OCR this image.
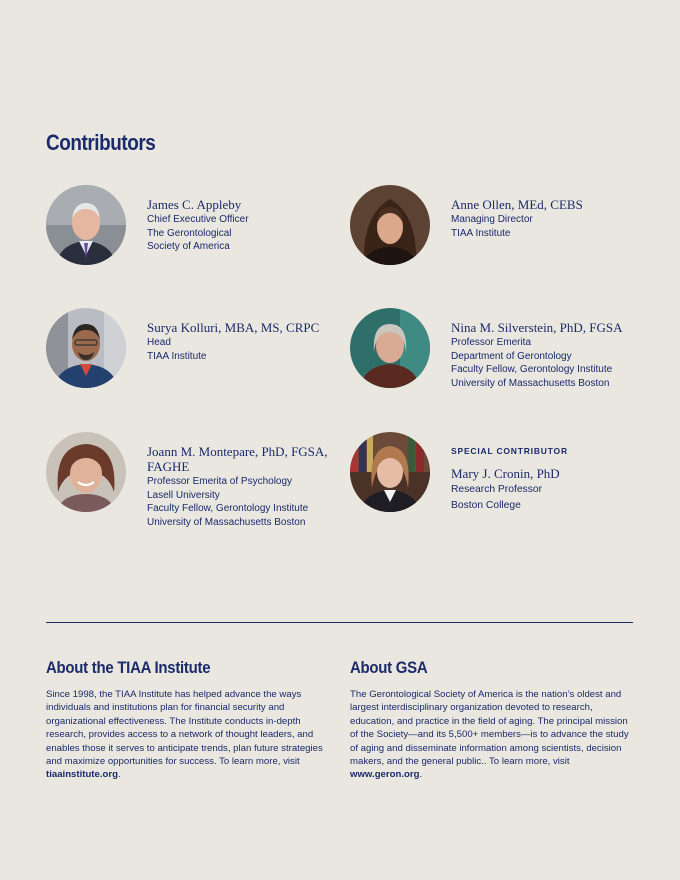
Contributors

James C. Appleby

Chief Executive Officer

The Gerontological

Society of America

Anne Ollen, MEd, CEBS

Managing Director

TIAA Institute

Surya Kolluri, MBA, MS, CRPC

Head

TIAA Institute

Nina M. Silverstein, PhD, FGSA

Professor Emerita

Department of Gerontology

Faculty Fellow, Gerontology Institute

University of Massachusetts Boston

Joann M. Montepare, PhD, FGSA, FAGHE

Professor Emerita of Psychology

Lasell University

Faculty Fellow, Gerontology Institute

University of Massachusetts Boston

SPECIAL CONTRIBUTOR

Mary J. Cronin, PhD

Research Professor

Boston College

About the TIAA Institute

Since 1998, the TIAA Institute has helped advance the ways individuals and institutions plan for financial security and organizational effectiveness. The Institute conducts in-depth research, provides access to a network of thought leaders, and enables those it serves to anticipate trends, plan future strategies and maximize opportunities for success. To learn more, visit tiaainstitute.org.

About GSA

The Gerontological Society of America is the nation’s oldest and largest interdisciplinary organization devoted to research, education, and practice in the field of aging. The principal mission of the Society—and its 5,500+ members—is to advance the study of aging and disseminate information among scientists, decision makers, and the general public.. To learn more, visit www.geron.org.
